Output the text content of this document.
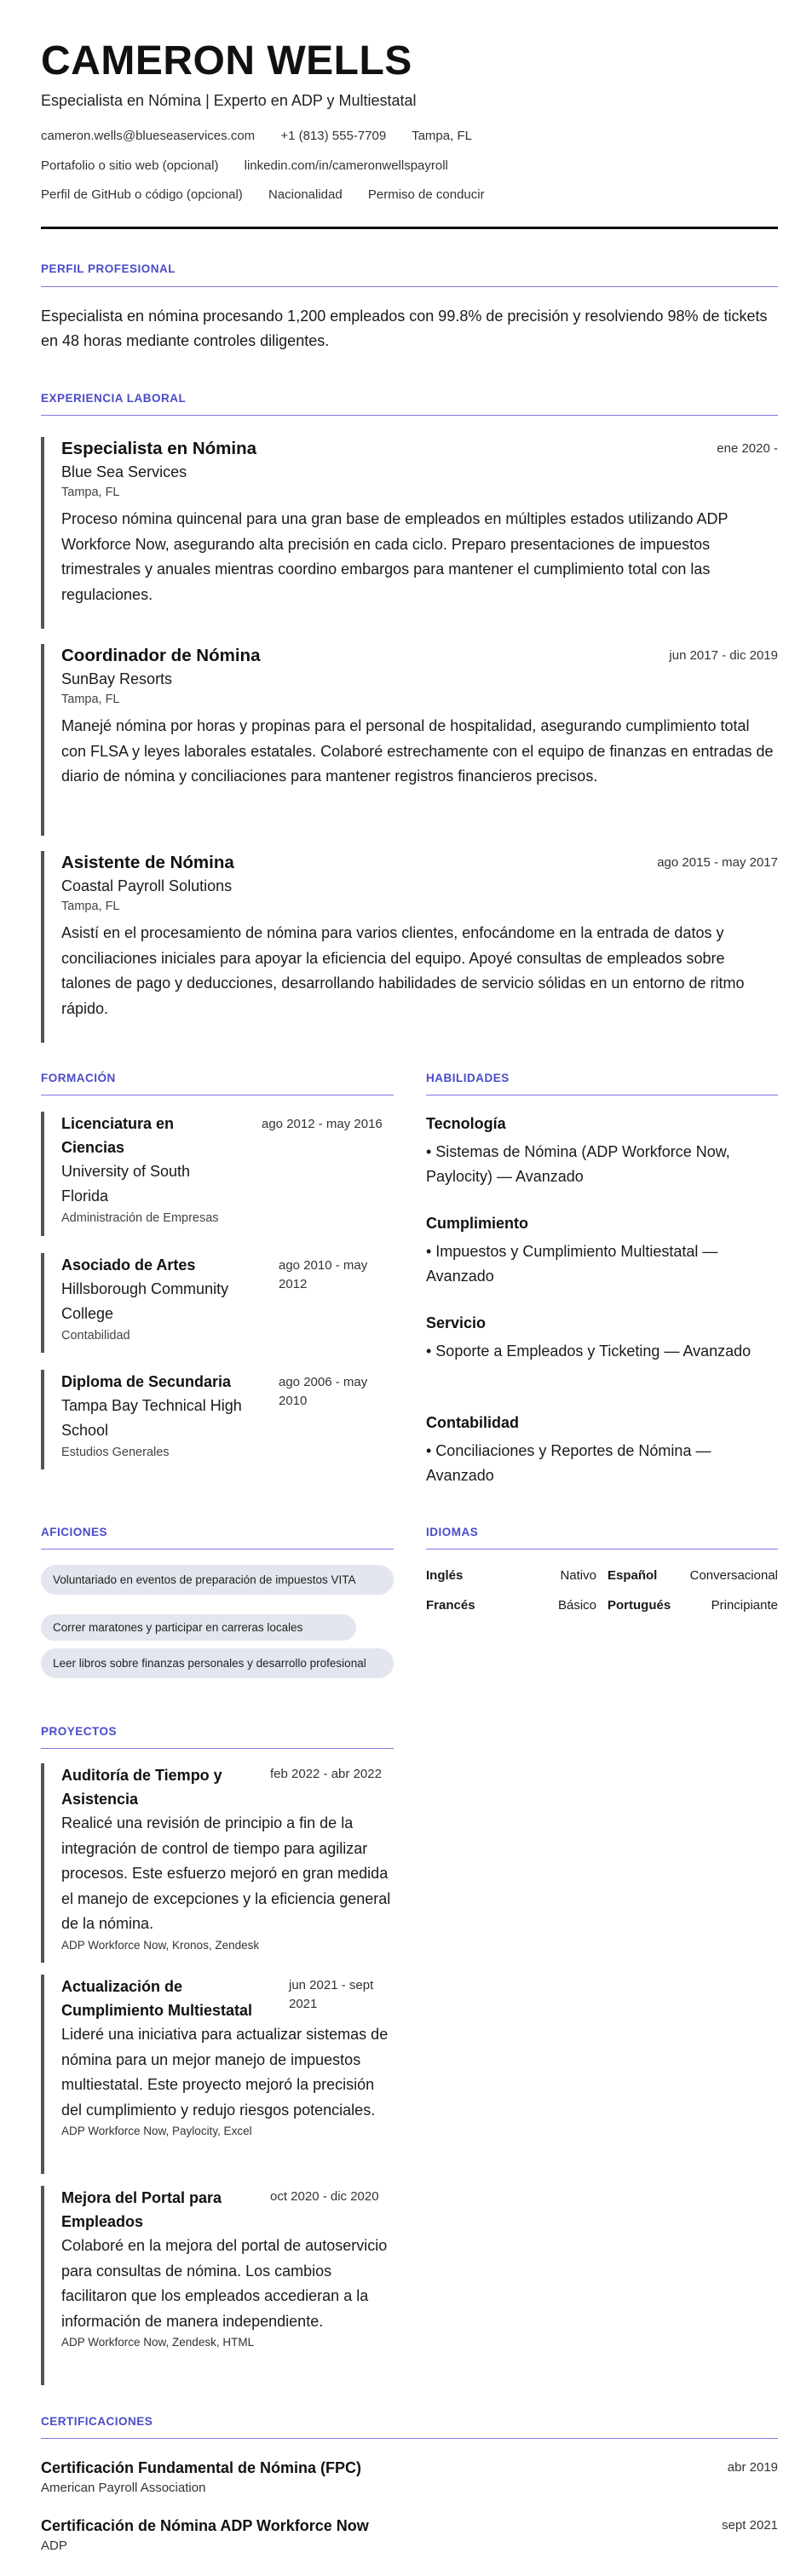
CAMERON WELLS
Especialista en Nómina | Experto en ADP y Multiestatal
cameron.wells@blueseaservices.com +1 (813) 555-7709 Tampa, FL
Portafolio o sitio web (opcional) linkedin.com/in/cameronwellspayroll
Perfil de GitHub o código (opcional) Nacionalidad Permiso de conducir
PERFIL PROFESIONAL
Especialista en nómina procesando 1,200 empleados con 99.8% de precisión y resolviendo 98% de tickets en 48 horas mediante controles diligentes.
EXPERIENCIA LABORAL
Especialista en Nómina	ene 2020 -
Blue Sea Services
Tampa, FL
Proceso nómina quincenal para una gran base de empleados en múltiples estados utilizando ADP Workforce Now, asegurando alta precisión en cada ciclo. Preparo presentaciones de impuestos trimestrales y anuales mientras coordino embargos para mantener el cumplimiento total con las regulaciones.
Coordinador de Nómina	jun 2017 - dic 2019
SunBay Resorts
Tampa, FL
Manejé nómina por horas y propinas para el personal de hospitalidad, asegurando cumplimiento total con FLSA y leyes laborales estatales. Colaboré estrechamente con el equipo de finanzas en entradas de diario de nómina y conciliaciones para mantener registros financieros precisos.
Asistente de Nómina	ago 2015 - may 2017
Coastal Payroll Solutions
Tampa, FL
Asistí en el procesamiento de nómina para varios clientes, enfocándome en la entrada de datos y conciliaciones iniciales para apoyar la eficiencia del equipo. Apoyé consultas de empleados sobre talones de pago y deducciones, desarrollando habilidades de servicio sólidas en un entorno de ritmo rápido.
FORMACIÓN
Licenciatura en Ciencias
ago 2012 - may 2016
University of South Florida
Administración de Empresas
Asociado de Artes	ago 2010 - may 2012
Hillsborough Community College
Contabilidad
Diploma de Secundaria	ago 2006 - may 2010
Tampa Bay Technical High School
Estudios Generales
HABILIDADES
Tecnología
• Sistemas de Nómina (ADP Workforce Now, Paylocity) — Avanzado
Cumplimiento
• Impuestos y Cumplimiento Multiestatal — Avanzado
Servicio
• Soporte a Empleados y Ticketing — Avanzado
Contabilidad
• Conciliaciones y Reportes de Nómina — Avanzado
AFICIONES
Voluntariado en eventos de preparación de impuestos VITA
Correr maratones y participar en carreras locales
Leer libros sobre finanzas personales y desarrollo profesional
IDIOMAS
Inglés	Nativo Español	Conversacional
Francés	Básico Portugués	Principiante
PROYECTOS
Auditoría de Tiempo y Asistencia
feb 2022 - abr 2022
Realicé una revisión de principio a fin de la integración de control de tiempo para agilizar procesos. Este esfuerzo mejoró en gran medida el manejo de excepciones y la eficiencia general de la nómina.
ADP Workforce Now, Kronos, Zendesk
Actualización de Cumplimiento Multiestatal
jun 2021 - sept 2021
Lideré una iniciativa para actualizar sistemas de nómina para un mejor manejo de impuestos multiestatal. Este proyecto mejoró la precisión del cumplimiento y redujo riesgos potenciales.
ADP Workforce Now, Paylocity, Excel
Mejora del Portal para Empleados
oct 2020 - dic 2020
Colaboré en la mejora del portal de autoservicio para consultas de nómina. Los cambios facilitaron que los empleados accedieran a la información de manera independiente.
ADP Workforce Now, Zendesk, HTML
CERTIFICACIONES
Certificación Fundamental de Nómina (FPC)	abr 2019
American Payroll Association
Certificación de Nómina ADP Workforce Now	sept 2021
ADP
